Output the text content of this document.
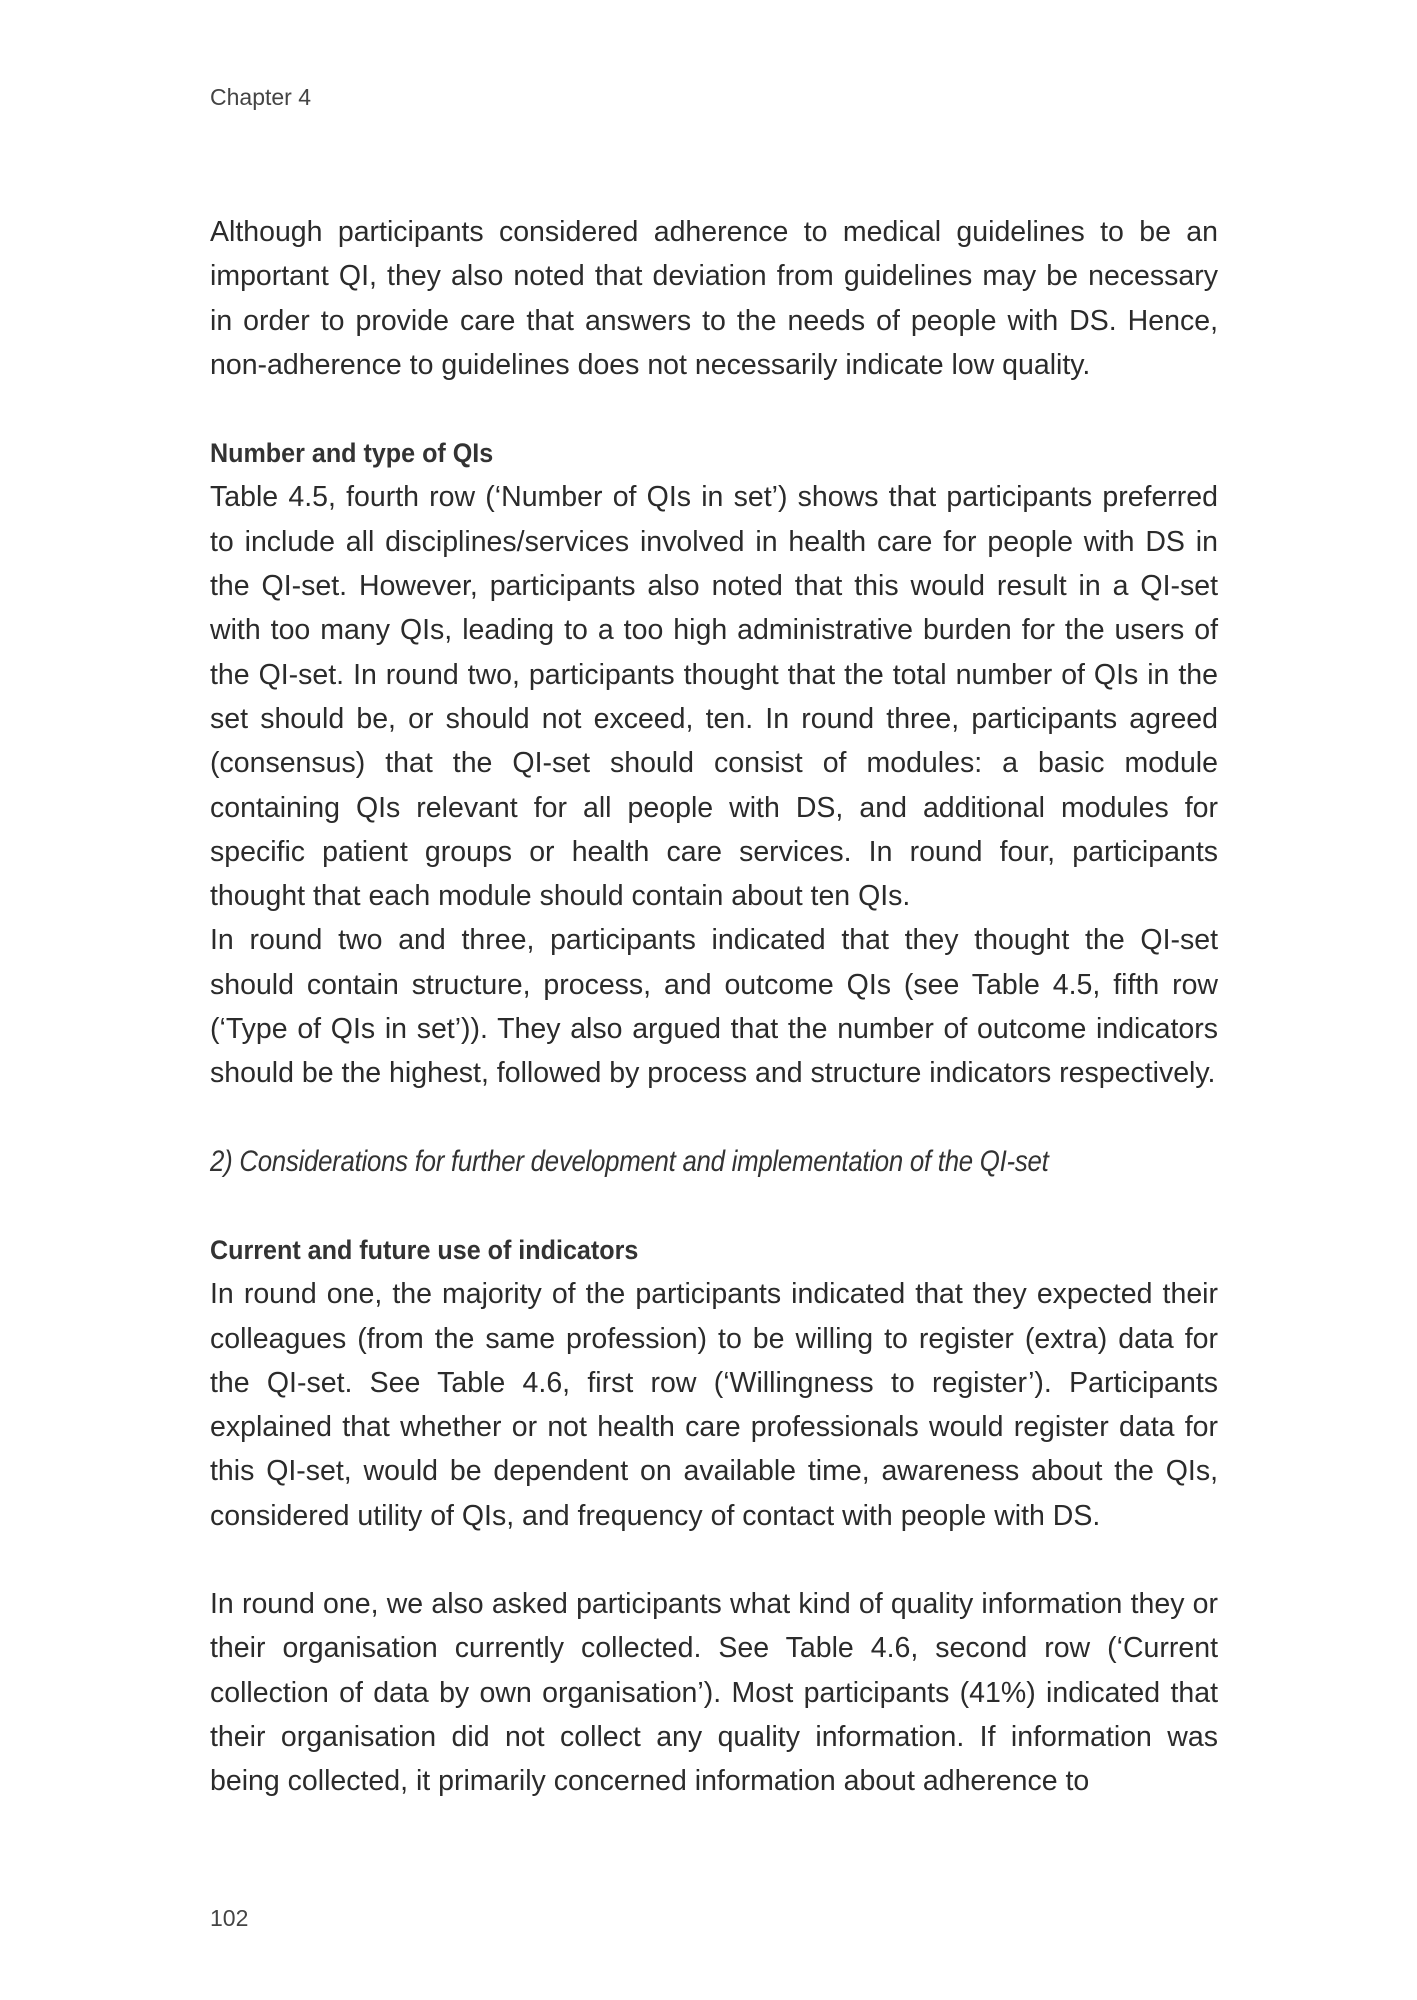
Chapter 4

Although participants considered adherence to medical guidelines to be an important QI, they also noted that deviation from guidelines may be necessary in order to provide care that answers to the needs of people with DS. Hence, non-adherence to guidelines does not necessarily indicate low quality.

Number and type of QIs

Table 4.5, fourth row (‘Number of QIs in set’) shows that participants preferred to include all disciplines/services involved in health care for people with DS in the QI-set. However, participants also noted that this would result in a QI-set with too many QIs, leading to a too high administrative burden for the users of the QI-set. In round two, participants thought that the total number of QIs in the set should be, or should not exceed, ten. In round three, participants agreed (consensus) that the QI-set should consist of modules: a basic module containing QIs relevant for all people with DS, and additional modules for specific patient groups or health care services. In round four, participants thought that each module should contain about ten QIs.

In round two and three, participants indicated that they thought the QI-set should contain structure, process, and outcome QIs (see Table 4.5, fifth row (‘Type of QIs in set’)). They also argued that the number of outcome indicators should be the highest, followed by process and structure indicators respectively.

2) Considerations for further development and implementation of the QI-set
Current and future use of indicators

In round one, the majority of the participants indicated that they expected their colleagues (from the same profession) to be willing to register (extra) data for the QI-set. See Table 4.6, first row (‘Willingness to register’). Participants explained that whether or not health care professionals would register data for this QI-set, would be dependent on available time, awareness about the QIs, considered utility of QIs, and frequency of contact with people with DS.

In round one, we also asked participants what kind of quality information they or their organisation currently collected. See Table 4.6, second row (‘Current collection of data by own organisation’). Most participants (41%) indicated that their organisation did not collect any quality information. If information was being collected, it primarily concerned information about adherence to

102
